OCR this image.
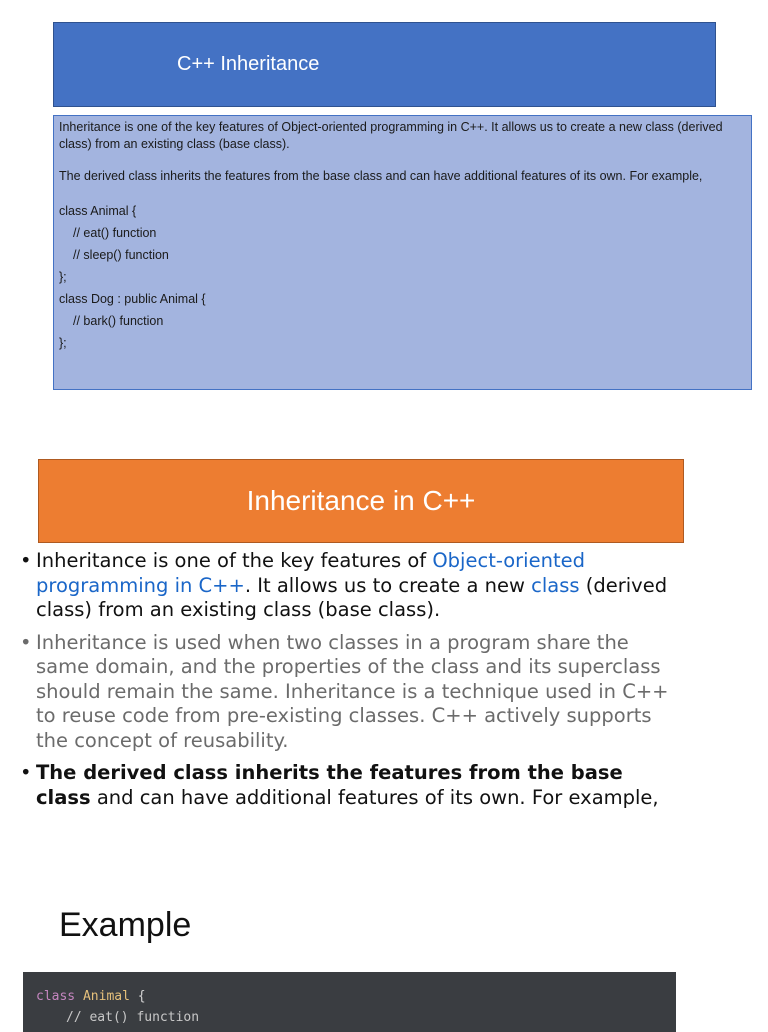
C++ Inheritance

Inheritance is one of the key features of Object-oriented programming in C++. It allows us to create a new class (derived class) from an existing class (base class).

The derived class inherits the features from the base class and can have additional features of its own. For example,

class Animal {

// eat() function

// sleep() function

};

class Dog : public Animal {

// bark() function

};

Inheritance in C++
• Inheritance is one of the key features of Object-oriented programming in C++. It allows us to create a new class (derived class) from an existing class (base class).
• Inheritance is used when two classes in a program share the same domain, and the properties of the class and its superclass should remain the same. Inheritance is a technique used in C++ to reuse code from pre-existing classes. C++ actively supports the concept of reusability.
• The derived class inherits the features from the base class and can have additional features of its own. For example,
Example
class Animal {
// eat() function
